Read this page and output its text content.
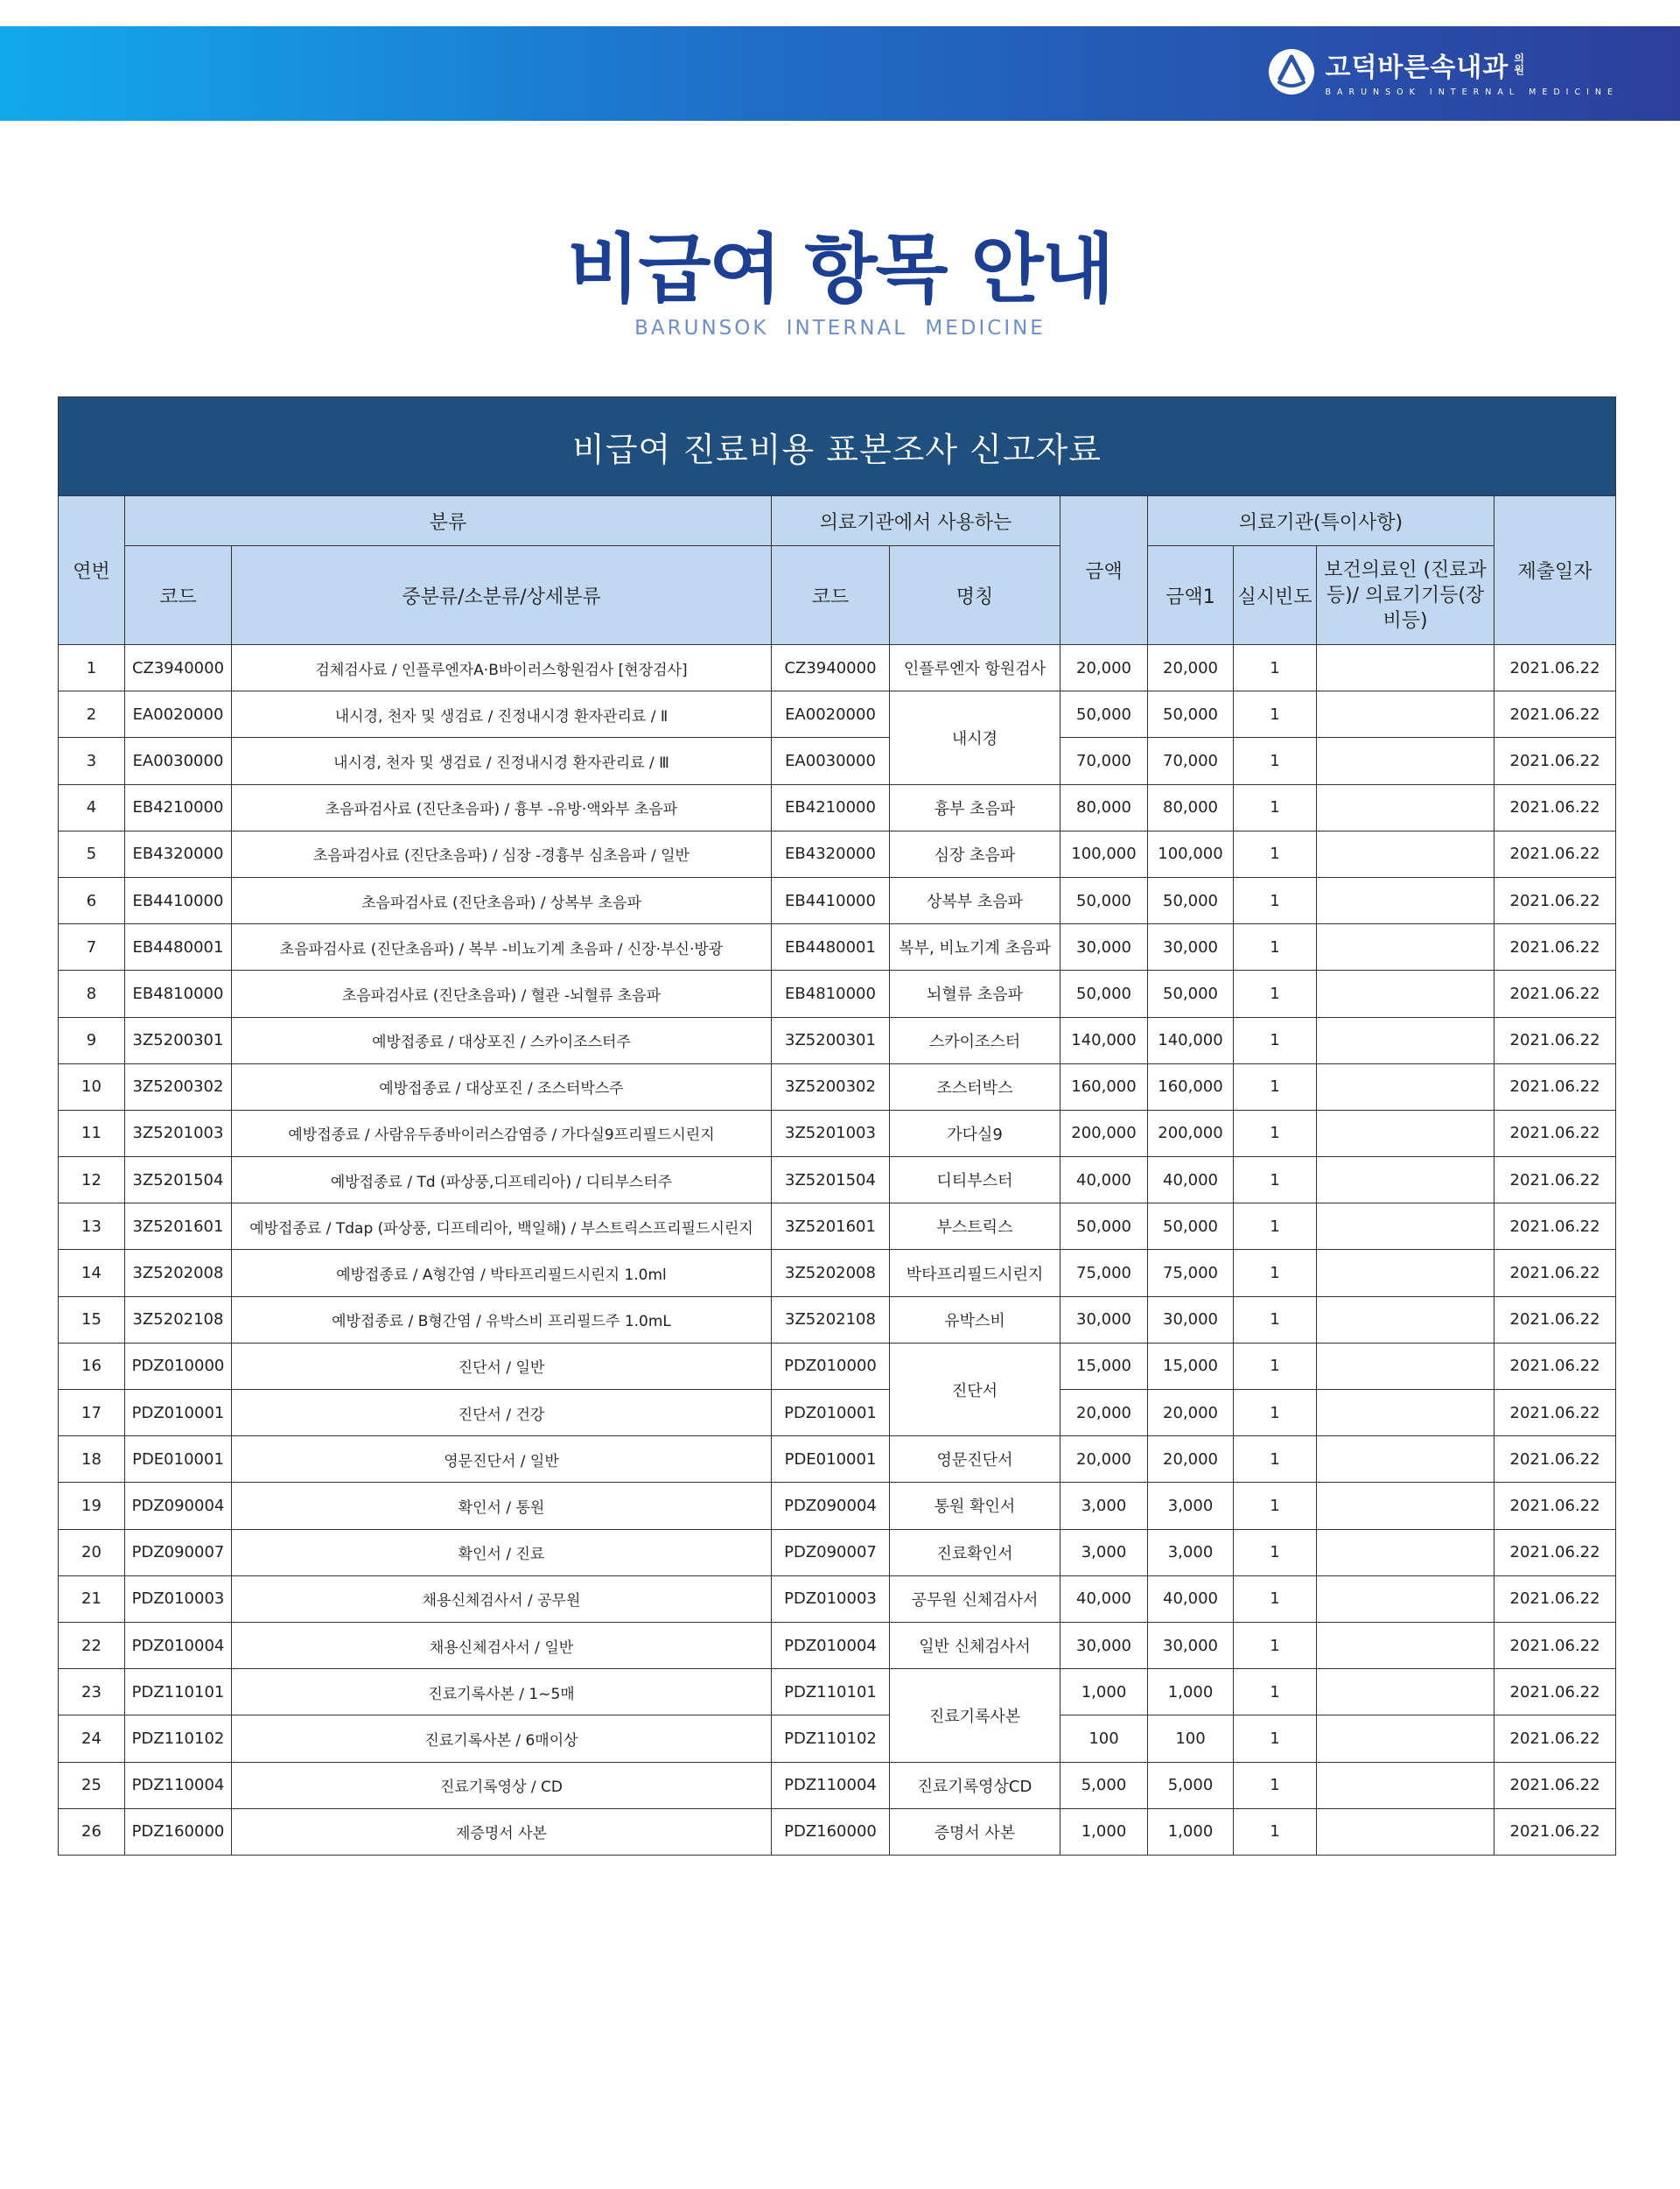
고덕바른속내과 의원
BARUNSOK INTERNAL MEDICINE
비급여 항목 안내
BARUNSOK INTERNAL MEDICINE
비급여 진료비용 표본조사 신고자료									
연번	분류		의료기관에서 사용하는		금액	의료기관(특이사항)			제출일자
	코드	중분류/소분류/상세분류	코드	명칭		금액1	실시빈도	보건의료인 (진료과등)/ 의료기기등(장비등)	
1	CZ3940000	검체검사료 / 인플루엔자A·B바이러스항원검사 [현장검사]	CZ3940000	인플루엔자 항원검사	20,000	20,000	1		2021.06.22
2	EA0020000	내시경, 천자 및 생검료 / 진정내시경 환자관리료 / Ⅱ	EA0020000	내시경	50,000	50,000	1		2021.06.22
3	EA0030000	내시경, 천자 및 생검료 / 진정내시경 환자관리료 / Ⅲ	EA0030000		70,000	70,000	1		2021.06.22
4	EB4210000	초음파검사료 (진단초음파) / 흉부 -유방·액와부 초음파	EB4210000	흉부 초음파	80,000	80,000	1		2021.06.22
5	EB4320000	초음파검사료 (진단초음파) / 심장 -경흉부 심초음파 / 일반	EB4320000	심장 초음파	100,000	100,000	1		2021.06.22
6	EB4410000	초음파검사료 (진단초음파) / 상복부 초음파	EB4410000	상복부 초음파	50,000	50,000	1		2021.06.22
7	EB4480001	초음파검사료 (진단초음파) / 복부 -비뇨기계 초음파 / 신장·부신·방광	EB4480001	복부, 비뇨기계 초음파	30,000	30,000	1		2021.06.22
8	EB4810000	초음파검사료 (진단초음파) / 혈관 -뇌혈류 초음파	EB4810000	뇌혈류 초음파	50,000	50,000	1		2021.06.22
9	3Z5200301	예방접종료 / 대상포진 / 스카이조스터주	3Z5200301	스카이조스터	140,000	140,000	1		2021.06.22
10	3Z5200302	예방접종료 / 대상포진 / 조스터박스주	3Z5200302	조스터박스	160,000	160,000	1		2021.06.22
11	3Z5201003	예방접종료 / 사람유두종바이러스감염증 / 가다실9프리필드시린지	3Z5201003	가다실9	200,000	200,000	1		2021.06.22
12	3Z5201504	예방접종료 / Td (파상풍,디프테리아) / 디티부스터주	3Z5201504	디티부스터	40,000	40,000	1		2021.06.22
13	3Z5201601	예방접종료 / Tdap (파상풍, 디프테리아, 백일해) / 부스트릭스프리필드시린지	3Z5201601	부스트릭스	50,000	50,000	1		2021.06.22
14	3Z5202008	예방접종료 / A형간염 / 박타프리필드시린지 1.0ml	3Z5202008	박타프리필드시린지	75,000	75,000	1		2021.06.22
15	3Z5202108	예방접종료 / B형간염 / 유박스비 프리필드주 1.0mL	3Z5202108	유박스비	30,000	30,000	1		2021.06.22
16	PDZ010000	진단서 / 일반	PDZ010000	진단서	15,000	15,000	1		2021.06.22
17	PDZ010001	진단서 / 건강	PDZ010001		20,000	20,000	1		2021.06.22
18	PDE010001	영문진단서 / 일반	PDE010001	영문진단서	20,000	20,000	1		2021.06.22
19	PDZ090004	확인서 / 통원	PDZ090004	통원 확인서	3,000	3,000	1		2021.06.22
20	PDZ090007	확인서 / 진료	PDZ090007	진료확인서	3,000	3,000	1		2021.06.22
21	PDZ010003	채용신체검사서 / 공무원	PDZ010003	공무원 신체검사서	40,000	40,000	1		2021.06.22
22	PDZ010004	채용신체검사서 / 일반	PDZ010004	일반 신체검사서	30,000	30,000	1		2021.06.22
23	PDZ110101	진료기록사본 / 1~5매	PDZ110101	진료기록사본	1,000	1,000	1		2021.06.22
24	PDZ110102	진료기록사본 / 6매이상	PDZ110102		100	100	1		2021.06.22
25	PDZ110004	진료기록영상 / CD	PDZ110004	진료기록영상CD	5,000	5,000	1		2021.06.22
26	PDZ160000	제증명서 사본	PDZ160000	증명서 사본	1,000	1,000	1		2021.06.22
